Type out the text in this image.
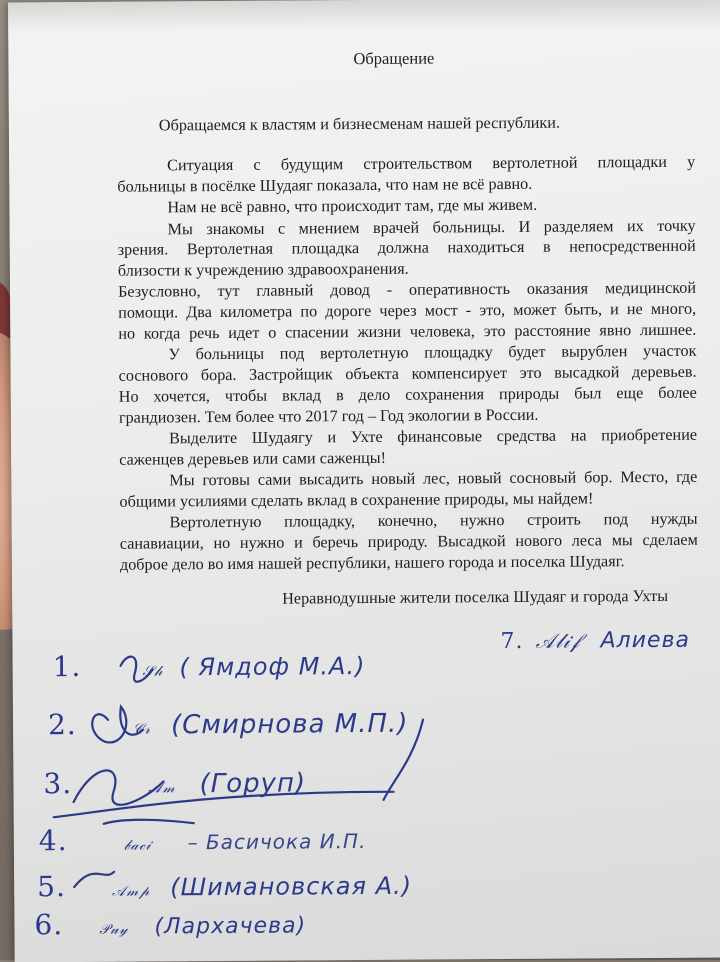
Обращение
Обращаемся к властям и бизнесменам нашей республики.
Ситуация с будущим строительством вертолетной площадки у
больницы в посёлке Шудаяг показала, что нам не всё равно.
Нам не всё равно, что происходит там, где мы живем.
Мы знакомы с мнением врачей больницы. И разделяем их точку
зрения. Вертолетная площадка должна находиться в непосредственной
близости к учреждению здравоохранения.
Безусловно, тут главный довод - оперативность оказания медицинской
помощи. Два километра по дороге через мост - это, может быть, и не много,
но когда речь идет о спасении жизни человека, это расстояние явно лишнее.
У больницы под вертолетную площадку будет вырублен участок
соснового бора. Застройщик объекта компенсирует это высадкой деревьев.
Но хочется, чтобы вклад в дело сохранения природы был еще более
грандиозен. Тем более что 2017 год – Год экологии в России.
Выделите Шудаягу и Ухте финансовые средства на приобретение
саженцев деревьев или сами саженцы!
Мы готовы сами высадить новый лес, новый сосновый бор. Место, где
общими усилиями сделать вклад в сохранение природы, мы найдем!
Вертолетную площадку, конечно, нужно строить под нужды
санавиации, но нужно и беречь природу. Высадкой нового леса мы сделаем
доброе дело во имя нашей республики, нашего города и поселка Шудаяг.
Неравнодушные жители поселка Шудаяг и города Ухты
1.	𝒮𝒽 ( Ямдоф М.А.)
7. 𝒜𝓁𝒾𝒻 Алиева
2.	𝒞𝓇 (Смирнова М.П.)
3.	𝒜𝓂 (Горуп)
4.	𝒷𝒶𝒸𝒾 – Басичока И.П.
5.	𝒜𝓂𝓅 (Шимановская А.)
6.	𝒫𝓊𝓎 (Лархачева)
